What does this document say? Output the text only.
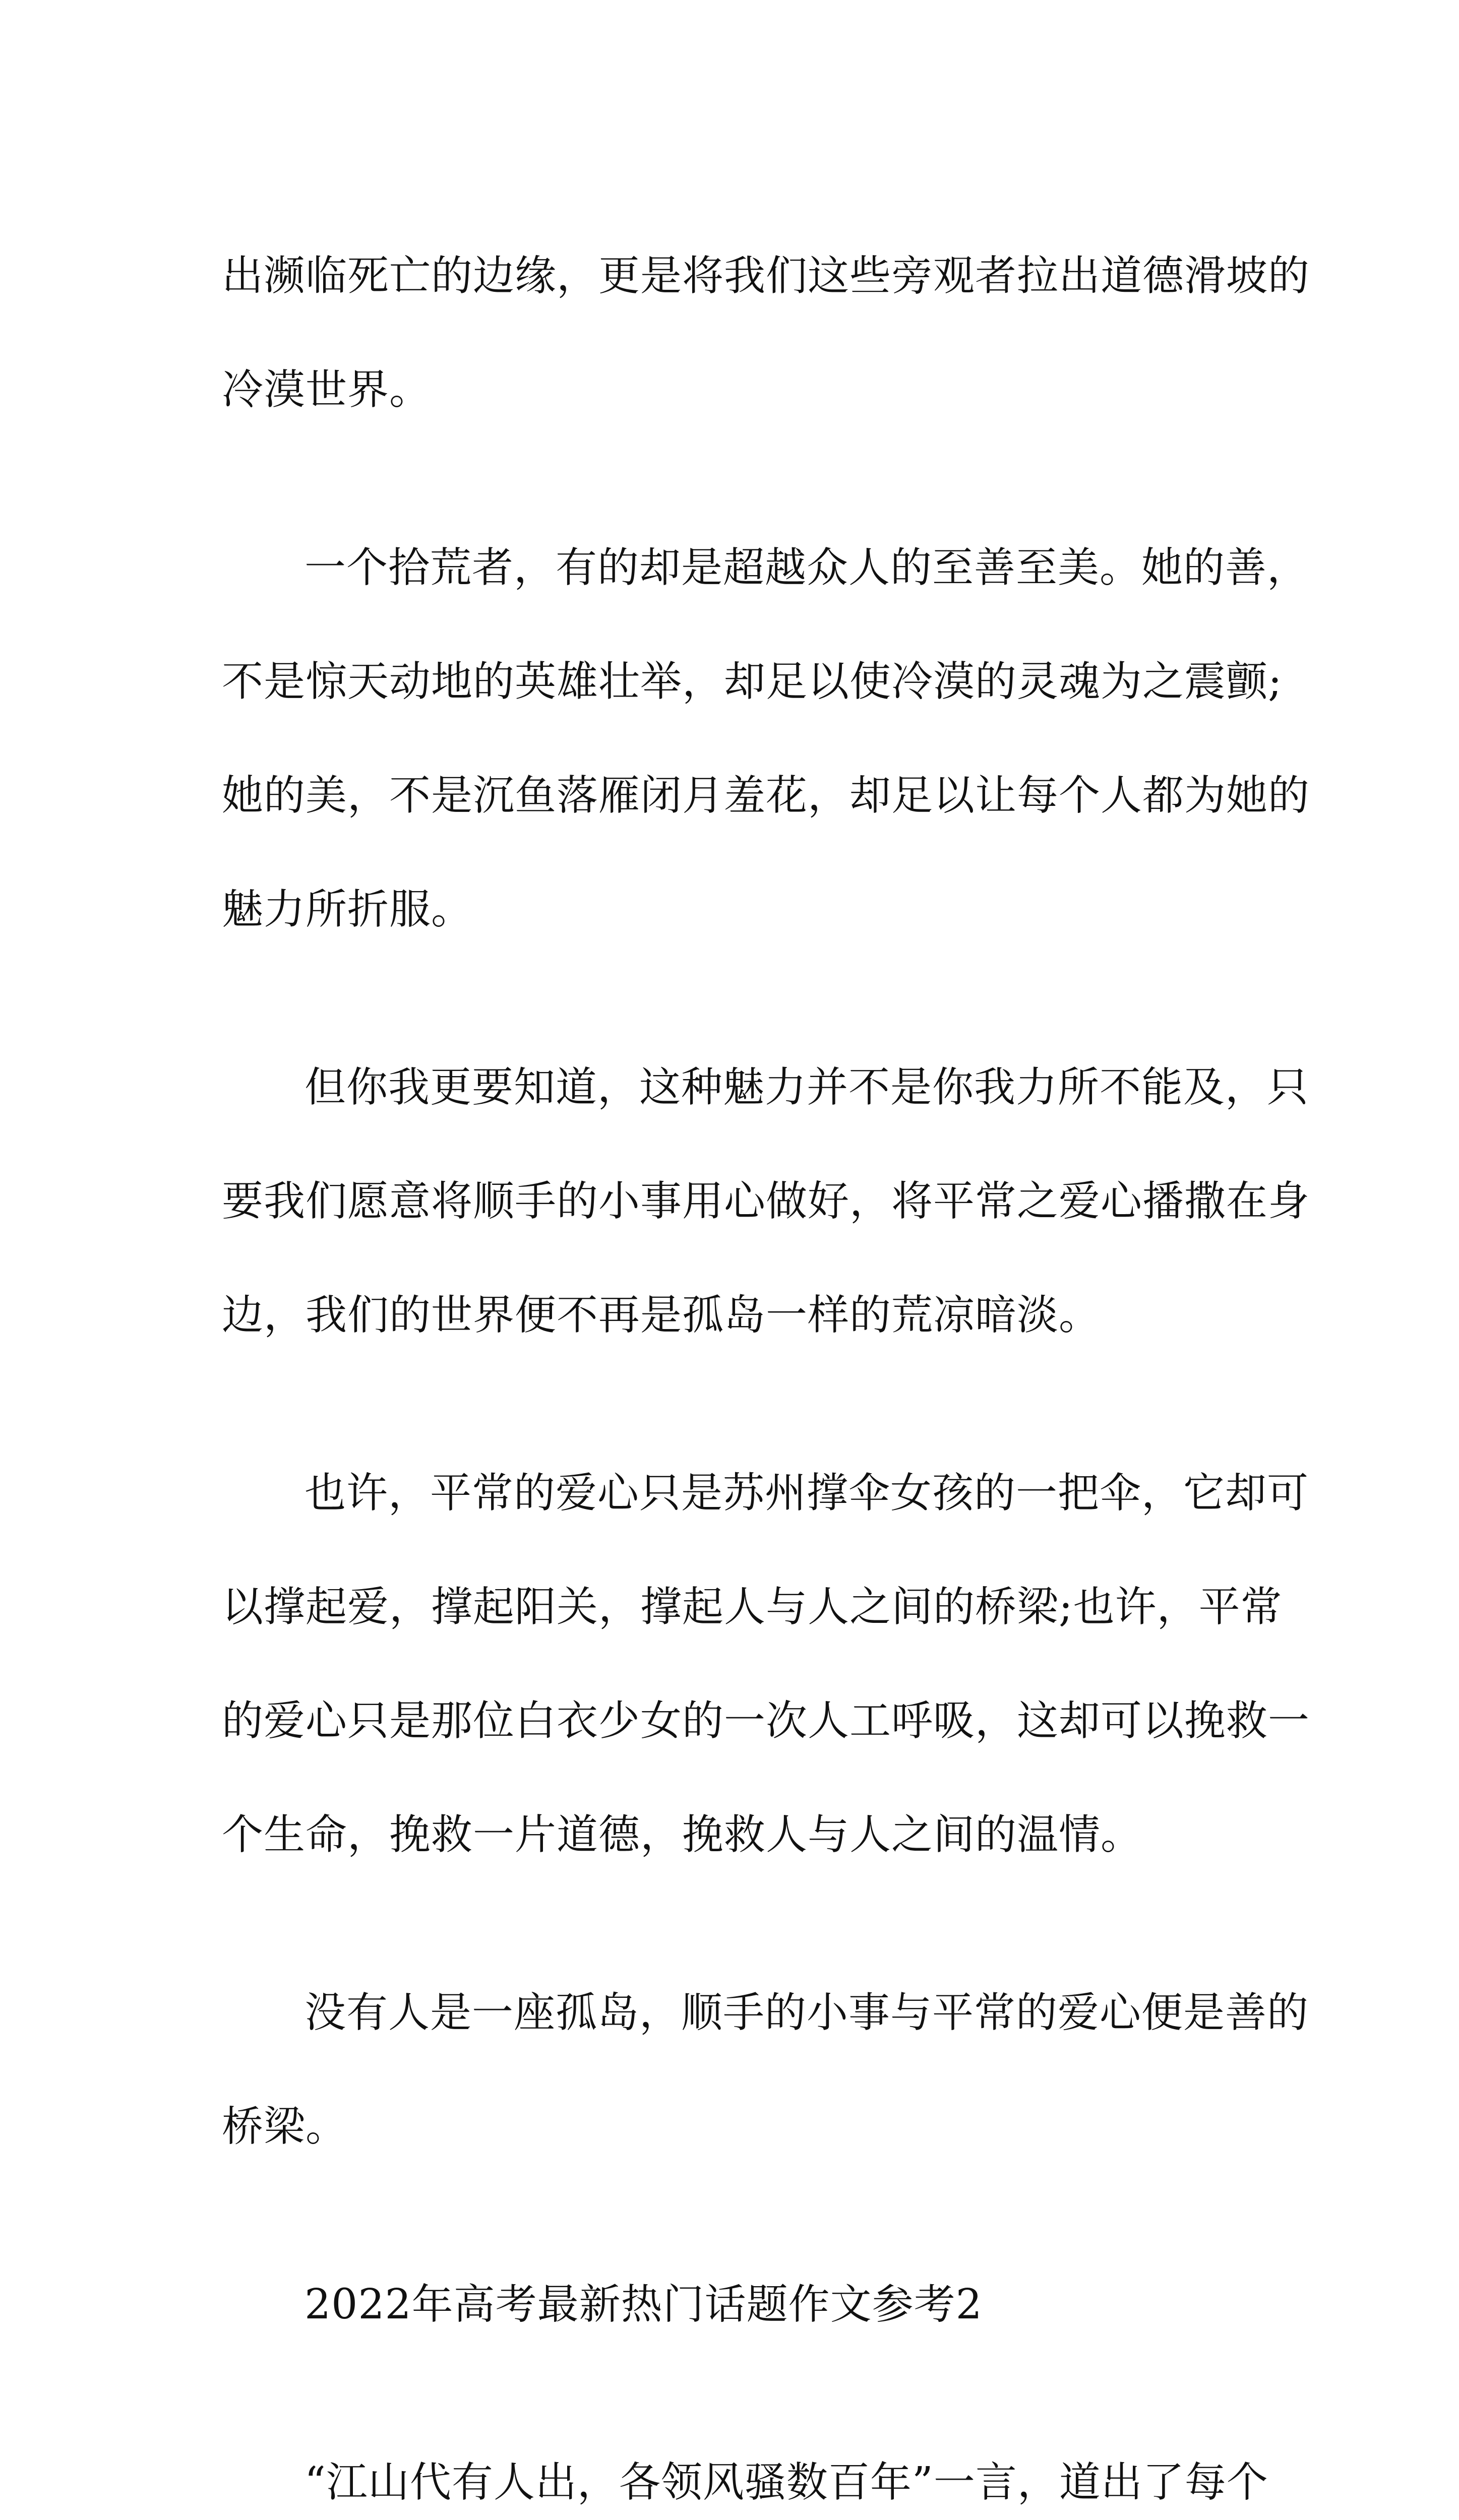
出濒临死亡的边缘，更是将我们这些旁观者拉出道德滑坡的

冷漠世界。

一个拾荒者，有的却是超越众人的至善至美。她的善，

不是惊天动地的英雄壮举，却足以使冷漠的灵魂为之震颤;

她的美，不是沉鱼落雁闭月羞花，却足以让每个人都为她的

魅力所折服。

但你我更要知道，这种魅力并不是你我力所不能及，只

要我们愿意将顺手的小事用心做好，将平常之爱心播撒在身

边，我们的世界便不再是孤岛一样的荒凉暗淡。

也许，平常的爱心只是苏州撑伞女孩的一把伞，它却可

以撑起爱，撑起阳关，撑起人与人之间的桥梁;也许，平常

的爱心只是那位白衣少女的一次人工呼吸，这却可以挽救一

个生命，挽救一片道德，挽救人与人之间的温情。

没有人是一座孤岛，顺手的小事与平常的爱心便是善的

桥梁。

2022年高考最新热门话题作文参考2

“江山代有人出，各领风骚数百年”一言，道出了每个
